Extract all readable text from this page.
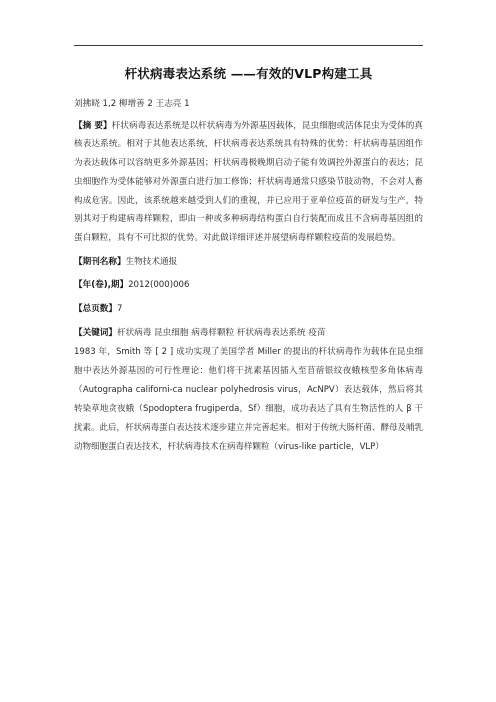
杆状病毒表达系统 ——有效的VLP构建工具

刘拂晓 1,2 柳增善 2 王志亮 1

【摘 要】杆状病毒表达系统是以杆状病毒为外源基因载体，昆虫细胞或活体昆虫为受体的真核表达系统。相对于其他表达系统，杆状病毒表达系统具有特殊的优势：杆状病毒基因组作为表达载体可以容纳更多外源基因；杆状病毒极晚期启动子能有效调控外源蛋白的表达；昆虫细胞作为受体能够对外源蛋白进行加工修饰；杆状病毒通常只感染节肢动物，不会对人畜构成危害。因此，该系统越来越受到人们的重视，并已应用于亚单位疫苗的研发与生产，特别其对于构建病毒样颗粒，即由一种或多种病毒结构蛋白自行装配而成且不含病毒基因组的蛋白颗粒，具有不可比拟的优势。对此做详细评述并展望病毒样颗粒疫苗的发展趋势。

【期刊名称】生物技术通报

【年(卷),期】2012(000)006

【总页数】7

【关键词】杆状病毒 昆虫细胞 病毒样颗粒 杆状病毒表达系统 疫苗

1983 年，Smith 等 [ 2 ] 成功实现了美国学者 Miller 的提出的杆状病毒作为载体在昆虫细胞中表达外源基因的可行性理论：他们将干扰素基因插入至苜蓿银纹夜蛾核型多角体病毒（Autographa californi-ca nuclear polyhedrosis virus，AcNPV）表达载体，然后将其转染草地贪夜蛾（Spodoptera frugiperda，Sf）细胞，成功表达了具有生物活性的人 β 干扰素。此后，杆状病毒蛋白表达技术逐步建立并完善起来。相对于传统大肠杆菌、酵母及哺乳动物细胞蛋白表达技术，杆状病毒技术在病毒样颗粒（virus-like particle，VLP）
